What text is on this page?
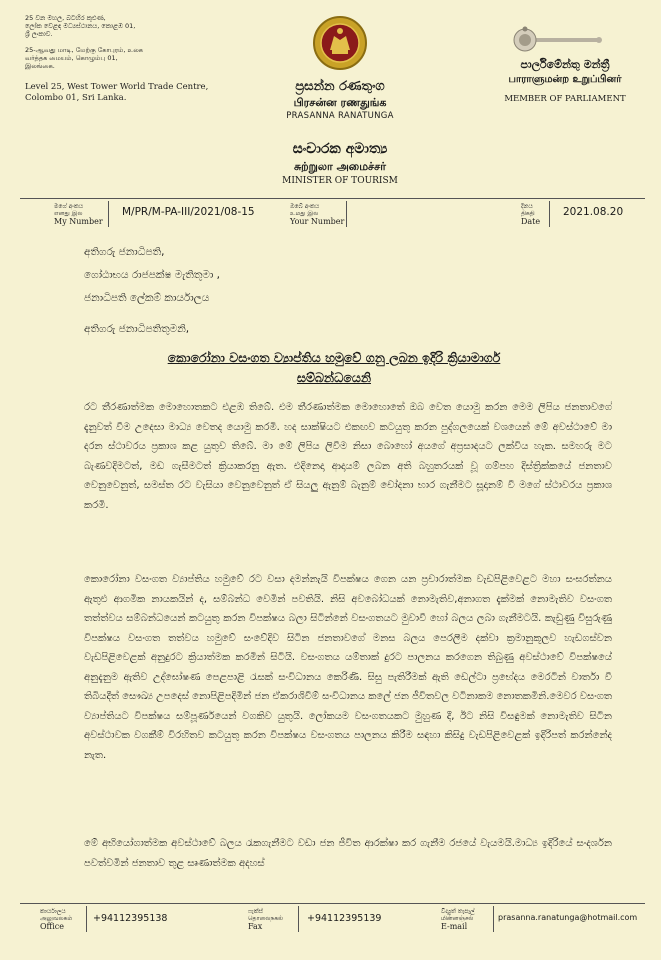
25 වන මහල, බටහිර කුළුණ,
ලෝක වෙළඳ මධ්‍යස්ථානය, කොළඹ 01,
ශ්‍රී ලංකාව.
25-ஆவது மாடி, மேற்கு கோபுரம், உலக
வர்த்தக மையம், கொழும்பு 01,
இலங்கை.
Level 25, West Tower World Trade Centre,
Colombo 01, Sri Lanka.
ප්‍රසන්න රණතුංග
பிரசன்ன ரணதுங்க
PRASANNA RANATUNGA
සංචාරක අමාත්‍ය
சுற்றுலா அமைச்சர்
MINISTER OF TOURISM
පාර්ලිමේන්තු මන්ත්‍රී
பாராளுமன்ற உறுப்பினர்
MEMBER OF PARLIAMENT
මගේ අංකය
எனது இல
My Number
M/PR/M-PA-III/2021/08-15	ඔබේ අංකය
உமது இல
Your Number
දිනය
திகதி
Date
2021.08.20
අතිගරු ජනාධිපති,
ගෝඨාභය රාජපක්ෂ මැතිතුමා ,
ජනාධිපති ලේකම් කාර්යාලය
අතිගරු ජනාධිපතිතුමනි,
කොරෝනා වසංගත ව්‍යාප්තිය හමුවේ ගනු ලබන ඉදිරි ක්‍රියාමාර්ග
සම්බන්ධයෙනි
රට තීරණාත්මක මොහොතකට එළඹ තිබේ. එම තීරණාත්මක මොහොතේ ඔබ වෙත යොමු කරන මෙම ලිපිය ජනතාවගේ දැනුවත් වීම උදෙසා මාධ්‍ය වෙතද යොමු කරමි. හද සාක්ෂියට එකඟව කටයුතු කරන පුද්ගලයෙක් වශයෙන් මේ අවස්ථාවේ මා දරන ස්ථාවරය ප්‍රකාශ කළ යුතුව තිබේ. මා මේ ලිපිය ලිවීම නිසා බොහෝ අයගේ අප්‍රසාදයට ලක්විය හැක. සමහරු මට බැණවදිමටත්, මඩ ගැසීමටත් ක්‍රියාකරනු ඇත. එදිනෙදා ආදායම් ලබන අති බහුතරයක් වූ ගම්පහ දිස්ත්‍රික්කයේ ජනතාව වෙනුවෙනුත්, සමස්ත රට වැසියා වෙනුවෙනුත් ඒ සියලු ඇනුම් බැනුම් චෝදනා භාර ගැනීමට සූදානම් වී මගේ ස්ථාවරය ප්‍රකාශ කරමි.
කොරෝනා වසංගත ව්‍යාප්තිය හමුවේ රට වසා දමන්නැයි විපක්ෂය ගෙන යන ප්‍රචාරාත්මක වැඩපිළිවෙළට මහා සංඝරත්නය ඇතුළු ආගමික නායකයින් ද, සම්බන්ධ වෙමින් පවතියි. නිසි අවබෝධයක් නොමැතිව,අනාගත දැක්මක් නොමැතිව වසංගත තත්ත්වය සම්බන්ධයෙන් කටයුතු කරන විපක්ෂය බලා සිටින්නේ වසංගතයට මුවාවී හෝ බලය ලබා ගැනීමටයි. කැඩුණු විසුරුණු විපක්ෂය වසංගත තත්වය හමුවේ සංවේදිව සිටින ජනතාවගේ මනස බලය පෙරලීම දක්වා ක්‍රමානුකූලව හැඩගස්වන වැඩපිළිවෙළක් අනුදුරට ක්‍රියාත්මක කරමින් සිටියි. වසංගතය යම්තාක් දුරට පාලනය කරගෙන තිබුණු අවස්ථාවේ විපක්ෂයේ අනුදැනුම ඇතිව උද්ඝෝෂණ පෙළපාළි රැසක් සංවිධානය කෙරිණි. සිසු පැතිරීමක් ඇති ඩෙල්ටා ප්‍රභේදය මෙරටින් වාර්තා වී තිබියදීත් සෞඛ්‍ය උපදෙස් නොපිළිපදිමින් ජන ඒකරාශිවීම් සංවිධානය කලේ ජන ජීවිතවල වටිනාකම නොතකමිනි.මෙවර වසංගත ව්‍යාප්තියට විපක්ෂය සම්පූර්ණයෙන් වගකිව යුතුයි. ලෝකයම වසංගතයකට මුහුණ දී, ඊට නිසි විසඳුමක් නොමැතිව සිටින අවස්ථාවක වගකීම් විරහිතව කටයුතු කරන විපක්ෂය වසංගතය පාලනය කිරීම සඳහා කිසිදු වැඩපිළිවෙළක් ඉදිරිපත් කරන්නේද නැත.
මේ අභියෝගාත්මක අවස්ථාවේ බලය රැකගැනීමට වඩා ජන ජීවිත ආරක්ෂා කර ගැනීම රජයේ වැයමයි.මාධ්‍ය ඉදිරියේ සංදර්ශන පවත්වමින් ජනතාව තුළ සෘණාත්මක අදහස්
කාර්යාලය
அலுவலகம்
Office
+94112395138
ෆැක්ස්
தொலைநகல்
Fax
+94112395139
විද්‍යුත් තැපෑල්
மின்னஞ்சல்
E-mail
prasanna.ranatunga@hotmail.com
